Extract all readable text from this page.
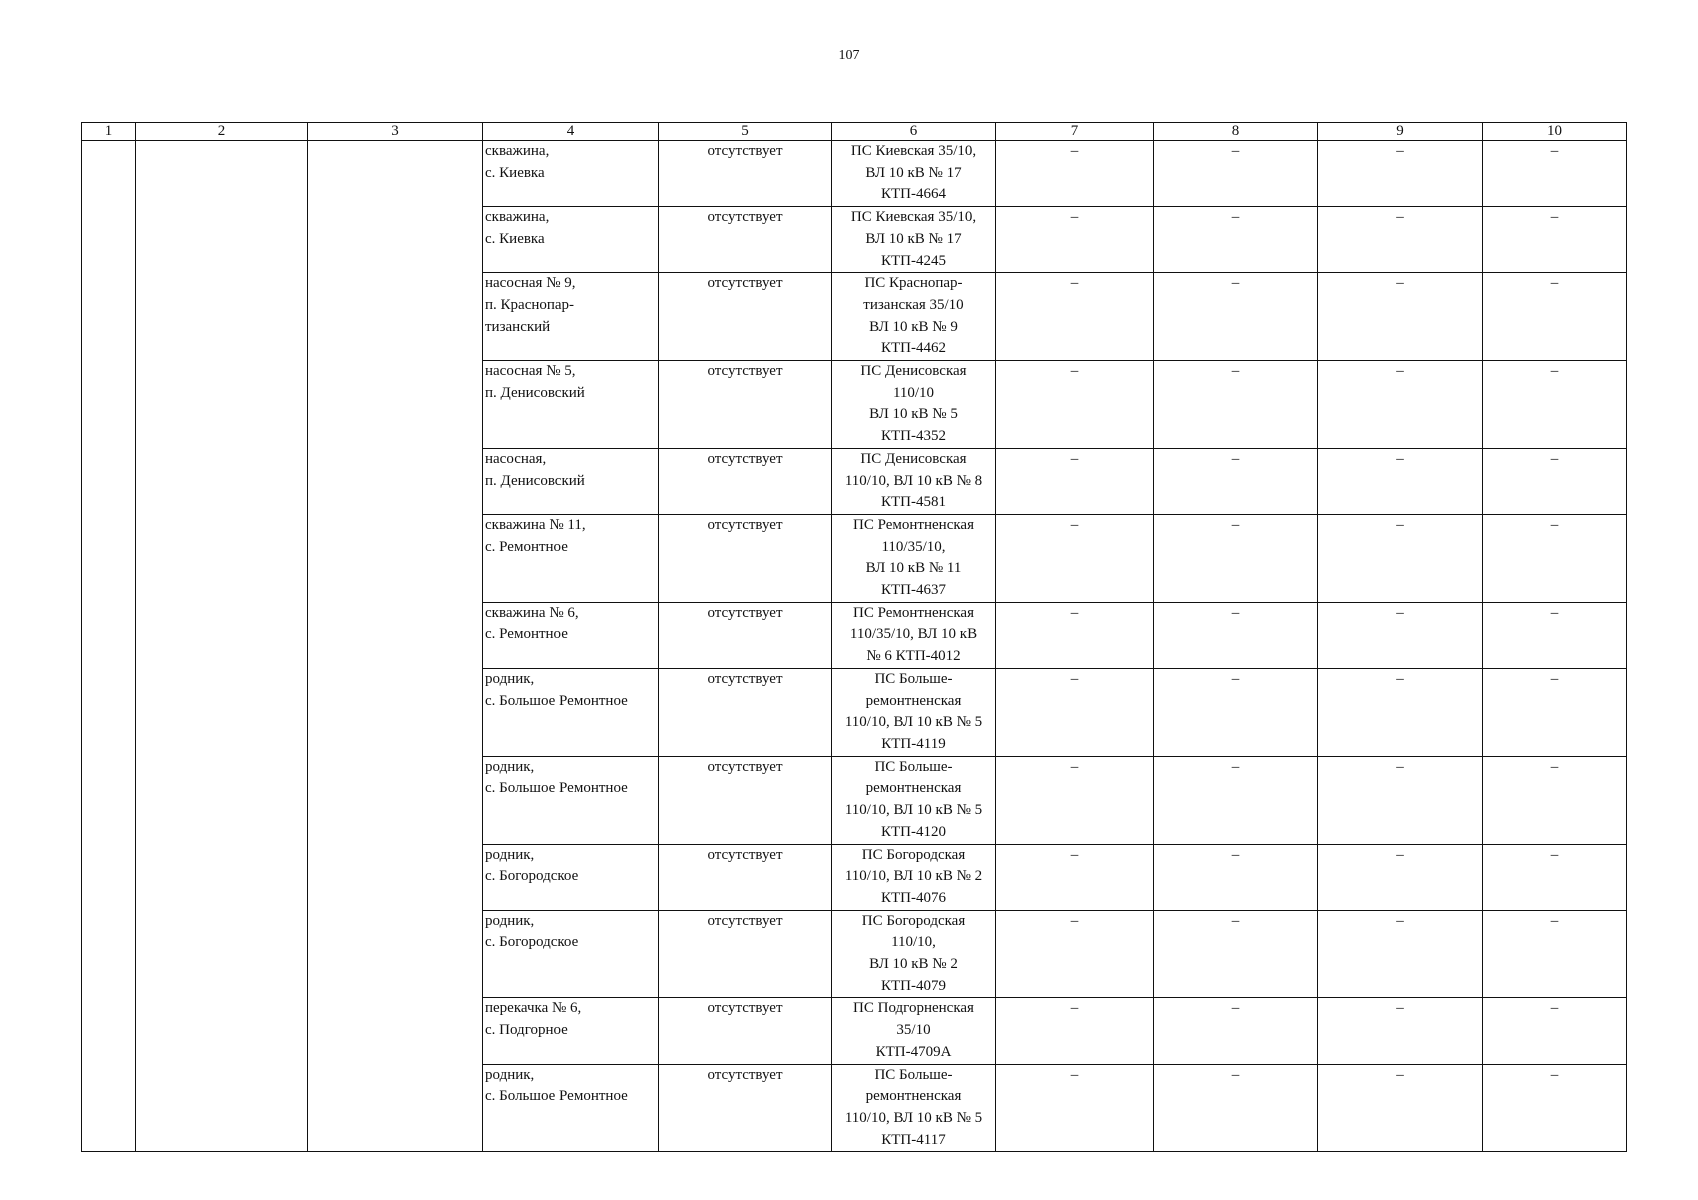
107
1	2	3	4	5	6	7	8	9	10

			скважина,
с. Киевка	отсутствует	ПС Киевская 35/10,
ВЛ 10 кВ № 17
КТП-4664	–	–	–	–

			скважина,
с. Киевка	отсутствует	ПС Киевская 35/10,
ВЛ 10 кВ № 17
КТП-4245	–	–	–	–

			насосная № 9,
п. Краснопар-
тизанский	отсутствует	ПС Краснопар-
тизанская 35/10
ВЛ 10 кВ № 9
КТП-4462	–	–	–	–

			насосная № 5,
п. Денисовский	отсутствует	ПС Денисовская
110/10
ВЛ 10 кВ № 5
КТП-4352	–	–	–	–

			насосная,
п. Денисовский	отсутствует	ПС Денисовская
110/10, ВЛ 10 кВ № 8
КТП-4581	–	–	–	–

			скважина № 11,
с. Ремонтное	отсутствует	ПС Ремонтненская
110/35/10,
ВЛ 10 кВ № 11
КТП-4637	–	–	–	–

			скважина № 6,
с. Ремонтное	отсутствует	ПС Ремонтненская
110/35/10, ВЛ 10 кВ
№ 6 КТП-4012	–	–	–	–

			родник,
с. Большое Ремонтное	отсутствует	ПС Больше-
ремонтненская
110/10, ВЛ 10 кВ № 5
КТП-4119	–	–	–	–

			родник,
с. Большое Ремонтное	отсутствует	ПС Больше-
ремонтненская
110/10, ВЛ 10 кВ № 5
КТП-4120	–	–	–	–

			родник,
с. Богородское	отсутствует	ПС Богородская
110/10, ВЛ 10 кВ № 2
КТП-4076	–	–	–	–

			родник,
с. Богородское	отсутствует	ПС Богородская
110/10,
ВЛ 10 кВ № 2
КТП-4079	–	–	–	–

			перекачка № 6,
с. Подгорное	отсутствует	ПС Подгорненская
35/10
КТП-4709А	–	–	–	–

			родник,
с. Большое Ремонтное	отсутствует	ПС Больше-
ремонтненская
110/10, ВЛ 10 кВ № 5
КТП-4117	–	–	–	–
